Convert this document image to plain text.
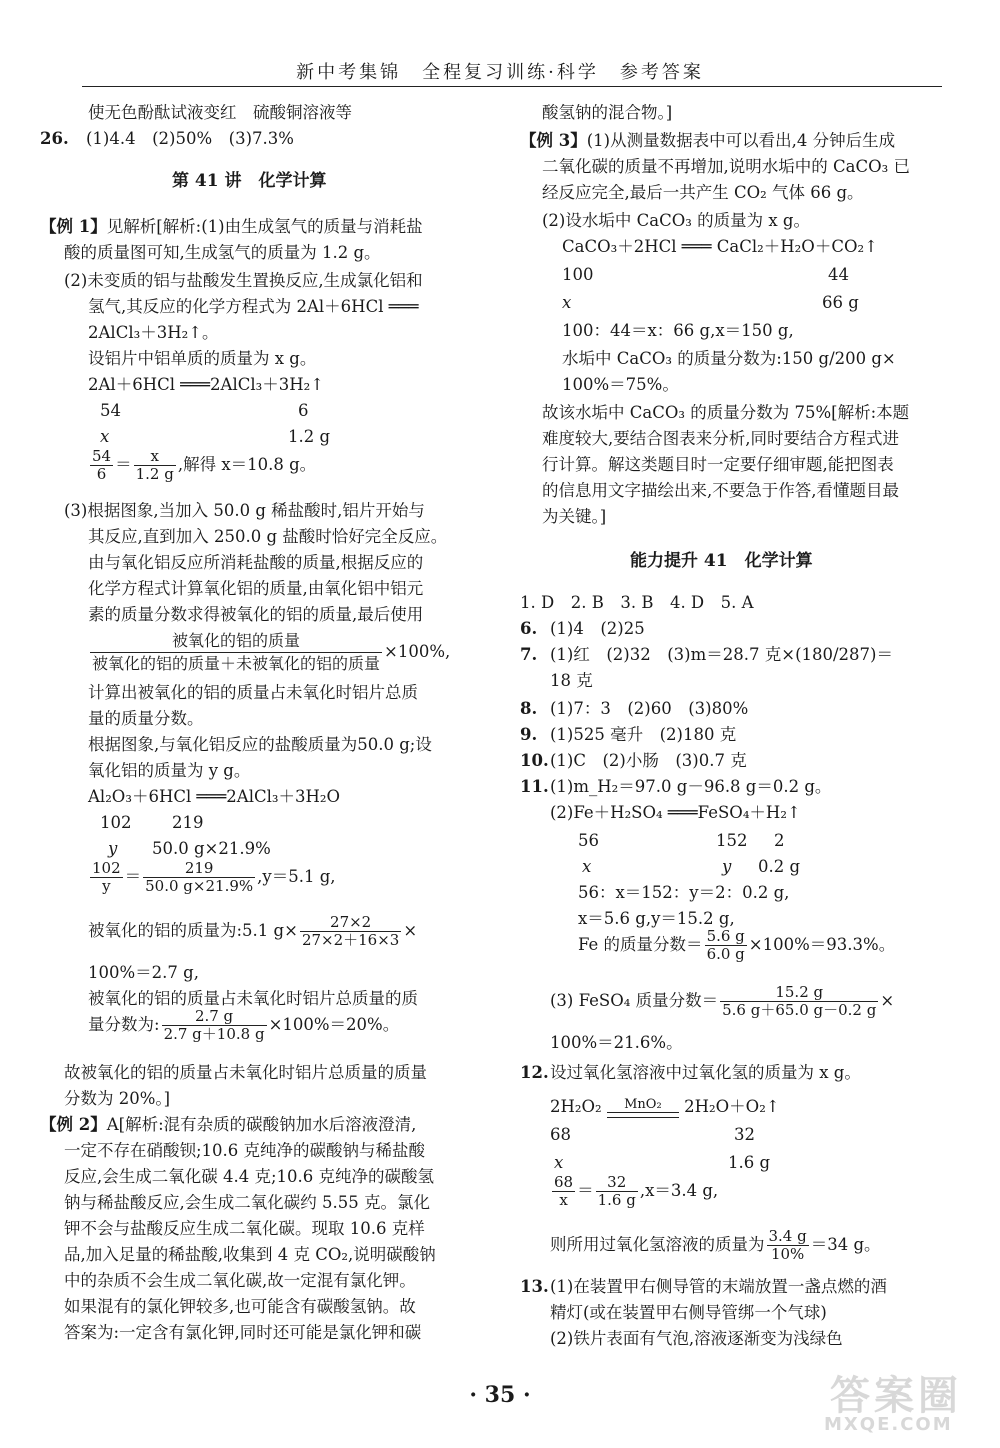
新中考集锦　全程复习训练·科学　参考答案
使无色酚酞试液变红　硫酸铜溶液等
26. (1)4.4　(2)50%　(3)7.3%
第 41 讲　化学计算
【例 1】见解析[解析:(1)由生成氢气的质量与消耗盐
酸的质量图可知,生成氢气的质量为 1.2 g。
(2)未变质的铝与盐酸发生置换反应,生成氯化铝和
氢气,其反应的化学方程式为 2Al＋6HCl ═══
2AlCl₃＋3H₂↑。
设铝片中铝单质的质量为 x g。
2Al＋6HCl ═══2AlCl₃＋3H₂↑
54	6
x	1.2 g
$\frac{54}{6} = \frac{x}{1.2 g}$ ,解得 x＝10.8 g。
(3)根据图象,当加入 50.0 g 稀盐酸时,铝片开始与
其反应,直到加入 250.0 g 盐酸时恰好完全反应。
由与氧化铝反应所消耗盐酸的质量,根据反应的
化学方程式计算氧化铝的质量,由氧化铝中铝元
素的质量分数求得被氧化的铝的质量,最后使用
$\frac{\text{被氧化的铝的质量}}{\text{被氧化的铝的质量＋未被氧化的铝的质量}} \times 100\%$,
计算出被氧化的铝的质量占未氧化时铝片总质
量的质量分数。
根据图象,与氧化铝反应的盐酸质量为50.0 g;设
氧化铝的质量为 y g。
Al₂O₃＋6HCl ═══2AlCl₃＋3H₂O
102 219
y 50.0 g×21.9%
$\frac{102}{y} = \frac{219}{50.0 g\times 21.9\%} ,y=5.1$ g,
被氧化的铝的质量为:5.1 $g\times \frac{27\times 2}{27\times 2+16\times 3}$ ×
100%＝2.7 g,
被氧化的铝的质量占未氧化时铝片总质量的质
量分数为: $\frac{2.7 g}{2.7 g+10.8 g} \times 100\%=20\%$。
故被氧化的铝的质量占未氧化时铝片总质量的质量
分数为 20%。]
【例 2】A[解析:混有杂质的碳酸钠加水后溶液澄清,
一定不存在硝酸钡;10.6 克纯净的碳酸钠与稀盐酸
反应,会生成二氧化碳 4.4 克;10.6 克纯净的碳酸氢
钠与稀盐酸反应,会生成二氧化碳约 5.55 克。氯化
钾不会与盐酸反应生成二氧化碳。现取 10.6 克样
品,加入足量的稀盐酸,收集到 4 克 CO₂,说明碳酸钠
中的杂质不会生成二氧化碳,故一定混有氯化钾。
如果混有的氯化钾较多,也可能含有碳酸氢钠。故
答案为:一定含有氯化钾,同时还可能是氯化钾和碳
酸氢钠的混合物。]
【例 3】(1)从测量数据表中可以看出,4 分钟后生成
二氧化碳的质量不再增加,说明水垢中的 CaCO₃ 已
经反应完全,最后一共产生 CO₂ 气体 66 g。
(2)设水垢中 CaCO₃ 的质量为 x g。
CaCO₃＋2HCl ═══ CaCl₂＋H₂O＋CO₂↑
100	44
x	66 g
100：44＝x：66 g,x＝150 g,
水垢中 CaCO₃ 的质量分数为:150 g/200 g×
100%＝75%。
故该水垢中 CaCO₃ 的质量分数为 75%[解析:本题
难度较大,要结合图表来分析,同时要结合方程式进
行计算。解这类题目时一定要仔细审题,能把图表
的信息用文字描绘出来,不要急于作答,看懂题目最
为关键。]
能力提升 41　化学计算
1. D　2. B　3. B　4. D　5. A
6. (1)4　(2)25
7. (1)红　(2)32　(3)m＝28.7 克×(180/287)＝
18 克
8. (1)7：3　(2)60　(3)80%
9. (1)525 毫升　(2)180 克
10.(1)C　(2)小肠　(3)0.7 克
11.(1)m_H₂＝97.0 g－96.8 g＝0.2 g。
(2)Fe＋H₂SO₄ ═══FeSO₄＋H₂↑
56	152 2
x	y 0.2 g
56：x＝152：y＝2：0.2 g,
x＝5.6 g,y＝15.2 g,
Fe 的质量分数＝ $\frac{5.6 g}{6.0 g} \times 100\%=93.3\%$。
(3) FeSO₄ 质量分数＝ $\frac{15.2 g}{5.6 g+65.0 g-0.2 g}$ ×
100%＝21.6%。
12.设过氧化氢溶液中过氧化氢的质量为 x g。
2H₂O₂	MnO₂	2H₂O＋O₂↑
68	32
x	1.6 g
$\frac{68}{x} = \frac{32}{1.6 g} ,x=3.4$ g,
则所用过氧化氢溶液的质量为 $\frac{3.4 g}{10\%} =34$ g。
13.(1)在装置甲右侧导管的末端放置一盏点燃的酒
精灯(或在装置甲右侧导管绑一个气球)
(2)铁片表面有气泡,溶液逐渐变为浅绿色
· 35 ·	答案圈
MXQE.COM
